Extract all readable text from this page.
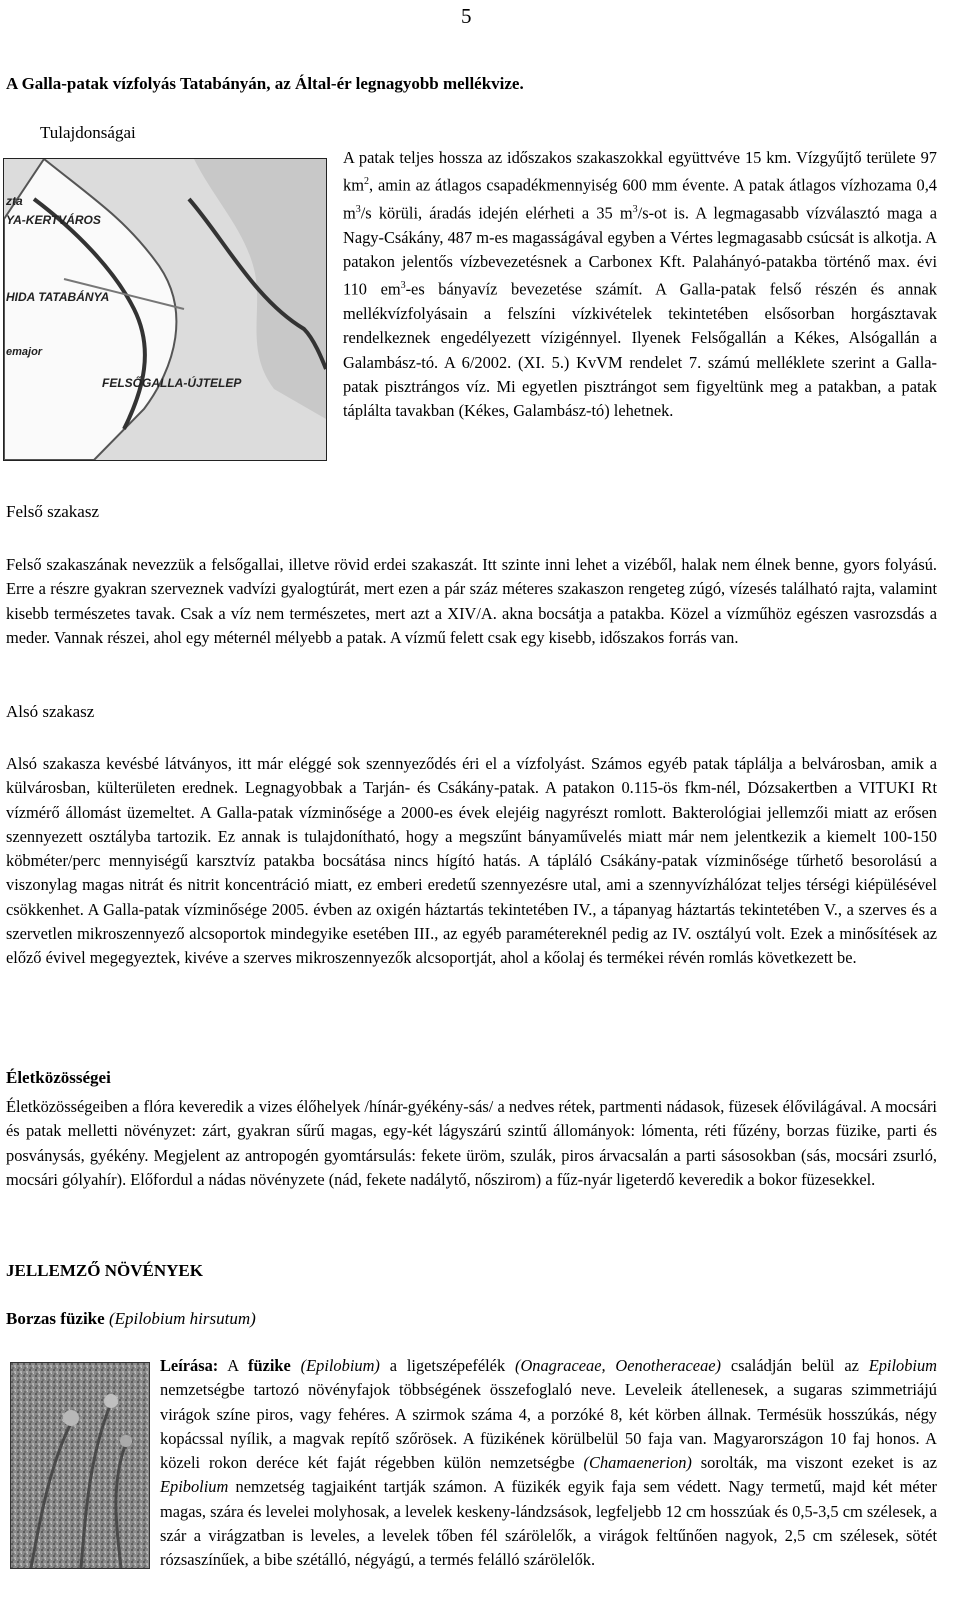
5
A Galla-patak vízfolyás Tatabányán, az Által-ér legnagyobb mellékvize.
Tulajdonságai
zta
YA-KERTVÁROS
HIDA TATABÁNYA
emajor
FELSŐGALLA-ÚJTELEP
A patak teljes hossza az időszakos szakaszokkal együttvéve 15 km. Vízgyűjtő területe 97 $km^2$, amin az átlagos csapadékmennyiség 600 mm évente. A patak átlagos vízhozama 0,4 $m^3/s$ körüli, áradás idején elérheti a 35 $m^3/s-ot$ is. A legmagasabb vízválasztó maga a Nagy-Csákány, 487 m-es magasságával egyben a Vértes legmagasabb csúcsát is alkotja. A patakon jelentős vízbevezetésnek a Carbonex Kft. Palahányó-patakba történő max. évi 110 $em^3-es$ bányavíz bevezetése számít. A Galla-patak felső részén és annak mellékvízfolyásain a felszíni vízkivételek tekintetében elsősorban horgásztavak rendelkeznek engedélyezett vízigénnyel. Ilyenek Felsőgallán a Kékes, Alsógallán a Galambász-tó. A 6/2002. (XI. 5.) KvVM rendelet 7. számú melléklete szerint a Galla-patak pisztrángos víz. Mi egyetlen pisztrángot sem figyeltünk meg a patakban, a patak táplálta tavakban (Kékes, Galambász-tó) lehetnek.
Felső szakasz
Felső szakaszának nevezzük a felsőgallai, illetve rövid erdei szakaszát. Itt szinte inni lehet a vizéből, halak nem élnek benne, gyors folyású. Erre a részre gyakran szerveznek vadvízi gyalogtúrát, mert ezen a pár száz méteres szakaszon rengeteg zúgó, vízesés található rajta, valamint kisebb természetes tavak. Csak a víz nem természetes, mert azt a XIV/A. akna bocsátja a patakba. Közel a vízműhöz egészen vasrozsdás a meder. Vannak részei, ahol egy méternél mélyebb a patak. A vízmű felett csak egy kisebb, időszakos forrás van.
Alsó szakasz
Alsó szakasza kevésbé látványos, itt már eléggé sok szennyeződés éri el a vízfolyást. Számos egyéb patak táplálja a belvárosban, amik a külvárosban, külterületen erednek. Legnagyobbak a Tarján- és Csákány-patak. A patakon 0.115-ös fkm-nél, Dózsakertben a VITUKI Rt vízmérő állomást üzemeltet. A Galla-patak vízminősége a 2000-es évek elejéig nagyrészt romlott. Bakterológiai jellemzői miatt az erősen szennyezett osztályba tartozik. Ez annak is tulajdonítható, hogy a megszűnt bányaművelés miatt már nem jelentkezik a kiemelt 100-150 köbméter/perc mennyiségű karsztvíz patakba bocsátása nincs hígító hatás. A tápláló Csákány-patak vízminősége tűrhető besorolású a viszonylag magas nitrát és nitrit koncentráció miatt, ez emberi eredetű szennyezésre utal, ami a szennyvízhálózat teljes térségi kiépülésével csökkenhet. A Galla-patak vízminősége 2005. évben az oxigén háztartás tekintetében IV., a tápanyag háztartás tekintetében V., a szerves és a szervetlen mikroszennyező alcsoportok mindegyike esetében III., az egyéb paramétereknél pedig az IV. osztályú volt. Ezek a minősítések az előző évivel megegyeztek, kivéve a szerves mikroszennyezők alcsoportját, ahol a kőolaj és termékei révén romlás következett be.
Életközösségei
Életközösségeiben a flóra keveredik a vizes élőhelyek /hínár-gyékény-sás/ a nedves rétek, partmenti nádasok, füzesek élővilágával. A mocsári és patak melletti növényzet: zárt, gyakran sűrű magas, egy-két lágyszárú szintű állományok: lómenta, réti fűzény, borzas füzike, parti és posványsás, gyékény. Megjelent az antropogén gyomtársulás: fekete üröm, szulák, piros árvacsalán a parti sásosokban (sás, mocsári zsurló, mocsári gólyahír). Előfordul a nádas növényzete (nád, fekete nadálytő, nőszirom) a fűz-nyár ligeterdő keveredik a bokor füzesekkel.
JELLEMZŐ NÖVÉNYEK
Borzas füzike (Epilobium hirsutum)
Leírása: A füzike (Epilobium) a ligetszépefélék (Onagraceae, Oenotheraceae) családján belül az Epilobium nemzetségbe tartozó növényfajok többségének összefoglaló neve. Leveleik átellenesek, a sugaras szimmetriájú virágok színe piros, vagy fehéres. A szirmok száma 4, a porzóké 8, két körben állnak. Termésük hosszúkás, négy kopácssal nyílik, a magvak repítő szőrösek. A füzikének körülbelül 50 faja van. Magyarországon 10 faj honos. A közeli rokon deréce két faját régebben külön nemzetségbe (Chamaenerion) sorolták, ma viszont ezeket is az Epibolium nemzetség tagjaiként tartják számon. A füzikék egyik faja sem védett. Nagy termetű, majd két méter magas, szára és levelei molyhosak, a levelek keskeny-lándzsások, legfeljebb 12 cm hosszúak és 0,5-3,5 cm szélesek, a szár a virágzatban is leveles, a levelek tőben fél szárölelők, a virágok feltűnően nagyok, 2,5 cm szélesek, sötét rózsaszínűek, a bibe szétálló, négyágú, a termés felálló szárölelők.
